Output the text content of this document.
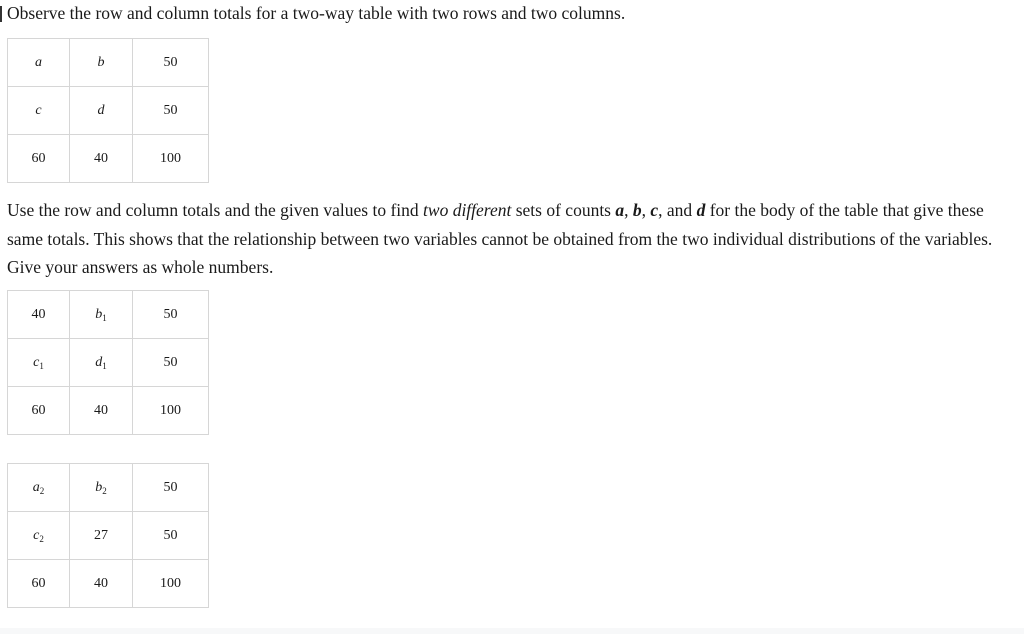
Observe the row and column totals for a two-way table with two rows and two columns.
a	b	50
c	d	50
60	40	100
Use the row and column totals and the given values to find two different sets of counts a, b, c, and d for the body of the table that give these same totals. This shows that the relationship between two variables cannot be obtained from the two individual distributions of the variables. Give your answers as whole numbers.
40	$b_1$	50
$c_1$	$d_1$	50
60	40	100
$a_2$	$b_2$	50
$c_2$	27	50
60	40	100
